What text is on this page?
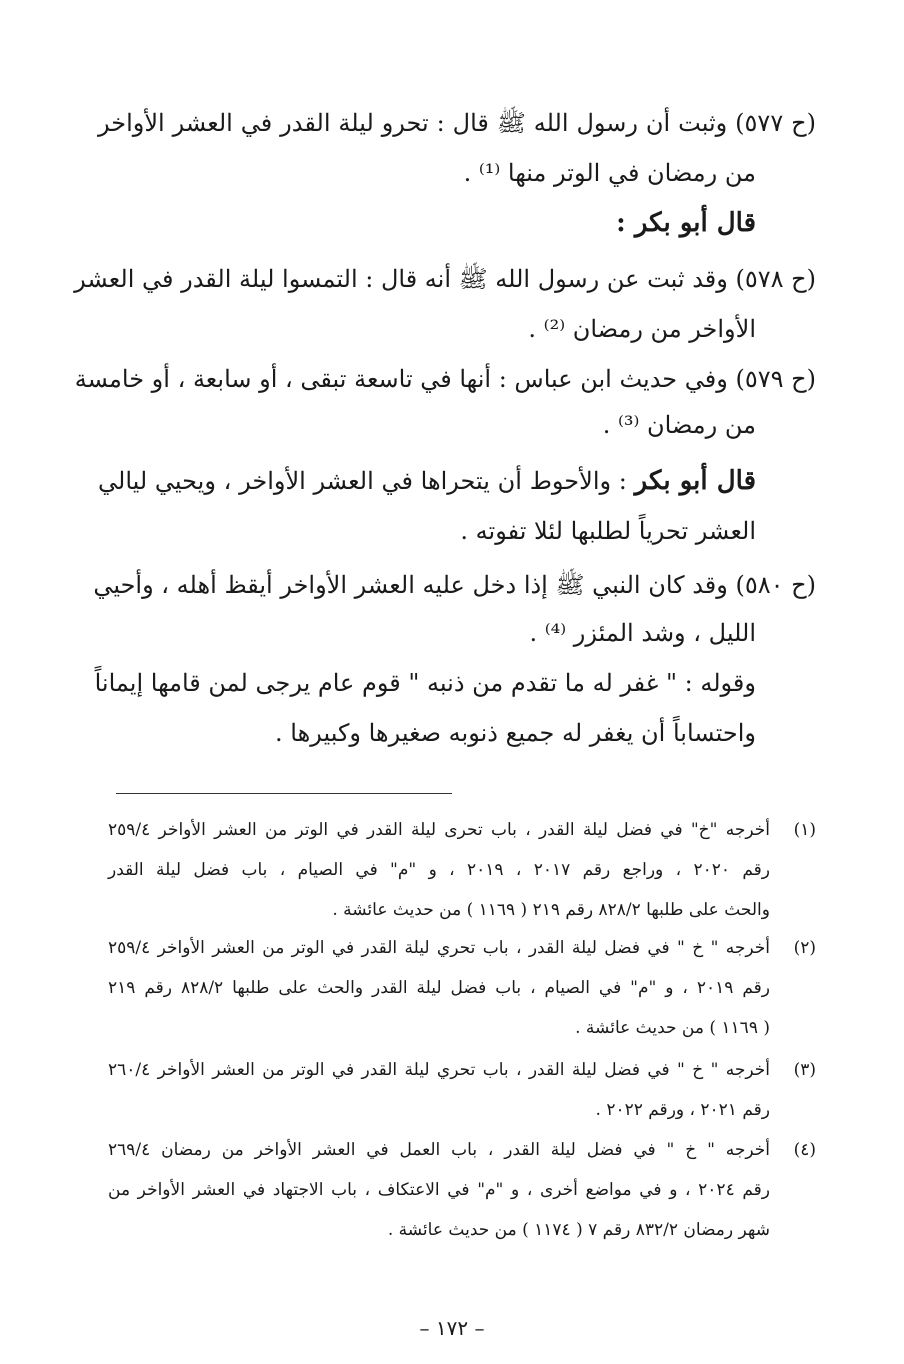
(ح ٥٧٧) وثبت أن رسول الله ﷺ قال : تحرو ليلة القدر في العشر الأواخر
من رمضان في الوتر منها ⁽¹⁾ .
قال أبو بكر :
(ح ٥٧٨) وقد ثبت عن رسول الله ﷺ أنه قال : التمسوا ليلة القدر في العشر
الأواخر من رمضان ⁽²⁾ .
(ح ٥٧٩) وفي حديث ابن عباس : أنها في تاسعة تبقى ، أو سابعة ، أو خامسة
من رمضان ⁽³⁾ .
قال أبو بكر : والأحوط أن يتحراها في العشر الأواخر ، ويحيي ليالي
العشر تحرياً لطلبها لئلا تفوته .
(ح ٥٨٠) وقد كان النبي ﷺ إذا دخل عليه العشر الأواخر أيقظ أهله ، وأحيي
الليل ، وشد المئزر ⁽⁴⁾ .
وقوله : " غفر له ما تقدم من ذنبه " قوم عام يرجى لمن قامها إيماناً
واحتساباً أن يغفر له جميع ذنوبه صغيرها وكبيرها .
(١)
أخرجه "خ" في فضل ليلة القدر ، باب تحرى ليلة القدر في الوتر من العشر الأواخر ٢٥٩/٤
رقم ٢٠٢٠ ، وراجع رقم ٢٠١٧ ، ٢٠١٩ ، و "م" في الصيام ، باب فضل ليلة القدر
والحث على طلبها ٨٢٨/٢ رقم ٢١٩ ( ١١٦٩ ) من حديث عائشة .
(٢)
أخرجه " خ " في فضل ليلة القدر ، باب تحري ليلة القدر في الوتر من العشر الأواخر ٢٥٩/٤
رقم ٢٠١٩ ، و "م" في الصيام ، باب فضل ليلة القدر والحث على طلبها ٨٢٨/٢ رقم ٢١٩
( ١١٦٩ ) من حديث عائشة .
(٣)
أخرجه " خ " في فضل ليلة القدر ، باب تحري ليلة القدر في الوتر من العشر الأواخر ٢٦٠/٤
رقم ٢٠٢١ ، ورقم ٢٠٢٢ .
(٤)
أخرجه " خ " في فضل ليلة القدر ، باب العمل في العشر الأواخر من رمضان ٢٦٩/٤
رقم ٢٠٢٤ ، و في مواضع أخرى ، و "م" في الاعتكاف ، باب الاجتهاد في العشر الأواخر من
شهر رمضان ٨٣٢/٢ رقم ٧ ( ١١٧٤ ) من حديث عائشة .
– ١٧٢ –
